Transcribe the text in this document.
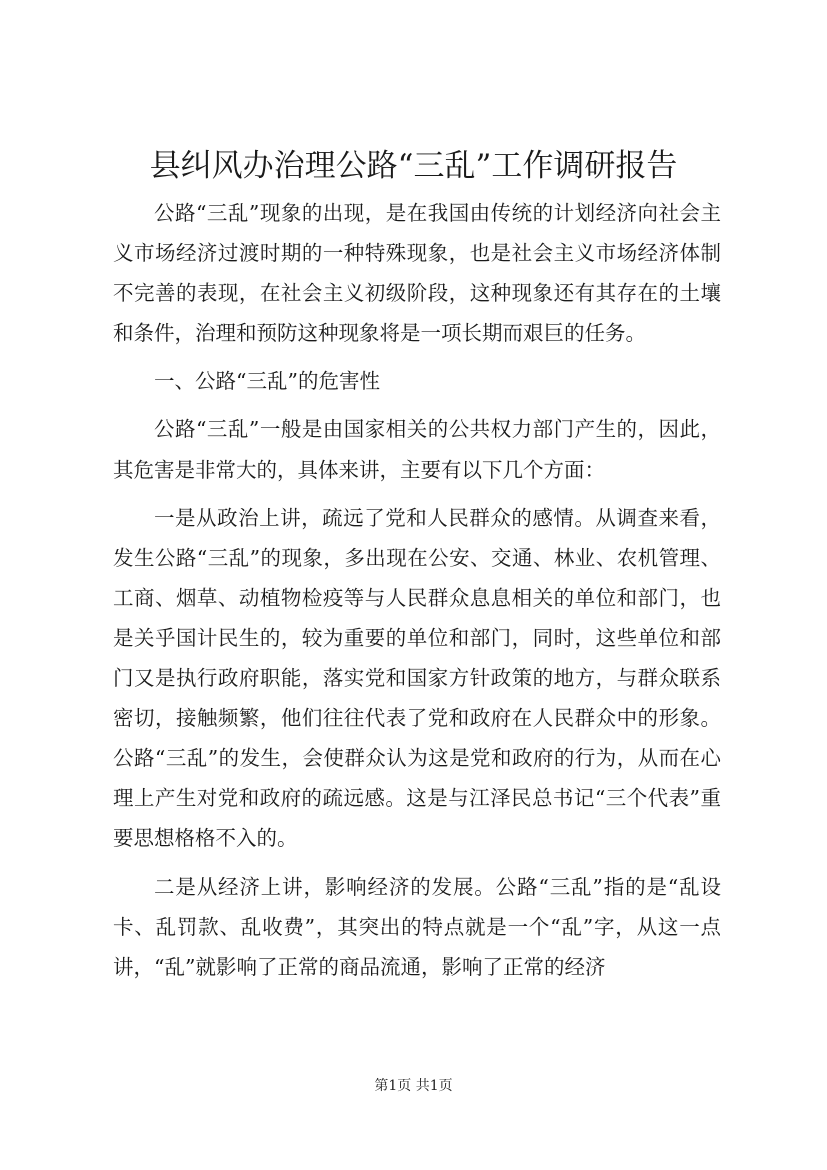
县纠风办治理公路“三乱”工作调研报告

公路“三乱”现象的出现，是在我国由传统的计划经济向社会主义市场经济过渡时期的一种特殊现象，也是社会主义市场经济体制不完善的表现，在社会主义初级阶段，这种现象还有其存在的土壤和条件，治理和预防这种现象将是一项长期而艰巨的任务。

一、公路“三乱”的危害性

公路“三乱”一般是由国家相关的公共权力部门产生的，因此，其危害是非常大的，具体来讲，主要有以下几个方面：

一是从政治上讲，疏远了党和人民群众的感情。从调查来看，发生公路“三乱”的现象，多出现在公安、交通、林业、农机管理、工商、烟草、动植物检疫等与人民群众息息相关的单位和部门，也是关乎国计民生的，较为重要的单位和部门，同时，这些单位和部门又是执行政府职能，落实党和国家方针政策的地方，与群众联系密切，接触频繁，他们往往代表了党和政府在人民群众中的形象。公路“三乱”的发生，会使群众认为这是党和政府的行为，从而在心理上产生对党和政府的疏远感。这是与江泽民总书记“三个代表”重要思想格格不入的。

二是从经济上讲，影响经济的发展。公路“三乱”指的是“乱设卡、乱罚款、乱收费”，其突出的特点就是一个“乱”字，从这一点讲，“乱”就影响了正常的商品流通，影响了正常的经济

第1页 共1页
